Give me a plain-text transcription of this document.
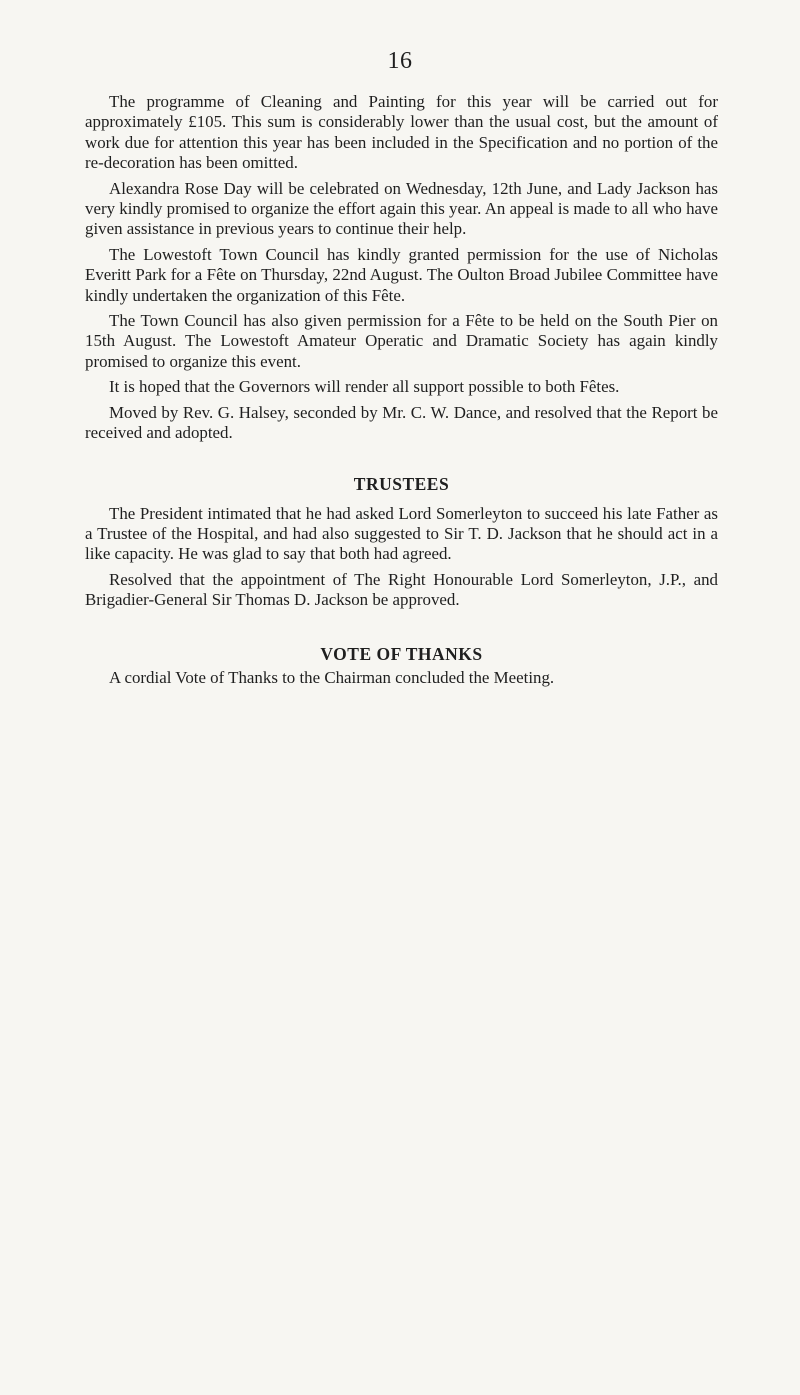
16

The programme of Cleaning and Painting for this year will be carried out for approximately £105. This sum is considerably lower than the usual cost, but the amount of work due for attention this year has been included in the Specification and no portion of the re-decoration has been omitted.

Alexandra Rose Day will be celebrated on Wednesday, 12th June, and Lady Jackson has very kindly promised to organize the effort again this year. An appeal is made to all who have given assistance in previous years to continue their help.

The Lowestoft Town Council has kindly granted permission for the use of Nicholas Everitt Park for a Fête on Thursday, 22nd August. The Oulton Broad Jubilee Committee have kindly undertaken the organization of this Fête.

The Town Council has also given permission for a Fête to be held on the South Pier on 15th August. The Lowestoft Amateur Operatic and Dramatic Society has again kindly promised to organize this event.

It is hoped that the Governors will render all support possible to both Fêtes.

Moved by Rev. G. Halsey, seconded by Mr. C. W. Dance, and resolved that the Report be received and adopted.

TRUSTEES

The President intimated that he had asked Lord Somerleyton to succeed his late Father as a Trustee of the Hospital, and had also suggested to Sir T. D. Jackson that he should act in a like capacity. He was glad to say that both had agreed.

Resolved that the appointment of The Right Honourable Lord Somerleyton, J.P., and Brigadier-General Sir Thomas D. Jackson be approved.

VOTE OF THANKS

A cordial Vote of Thanks to the Chairman concluded the Meeting.
